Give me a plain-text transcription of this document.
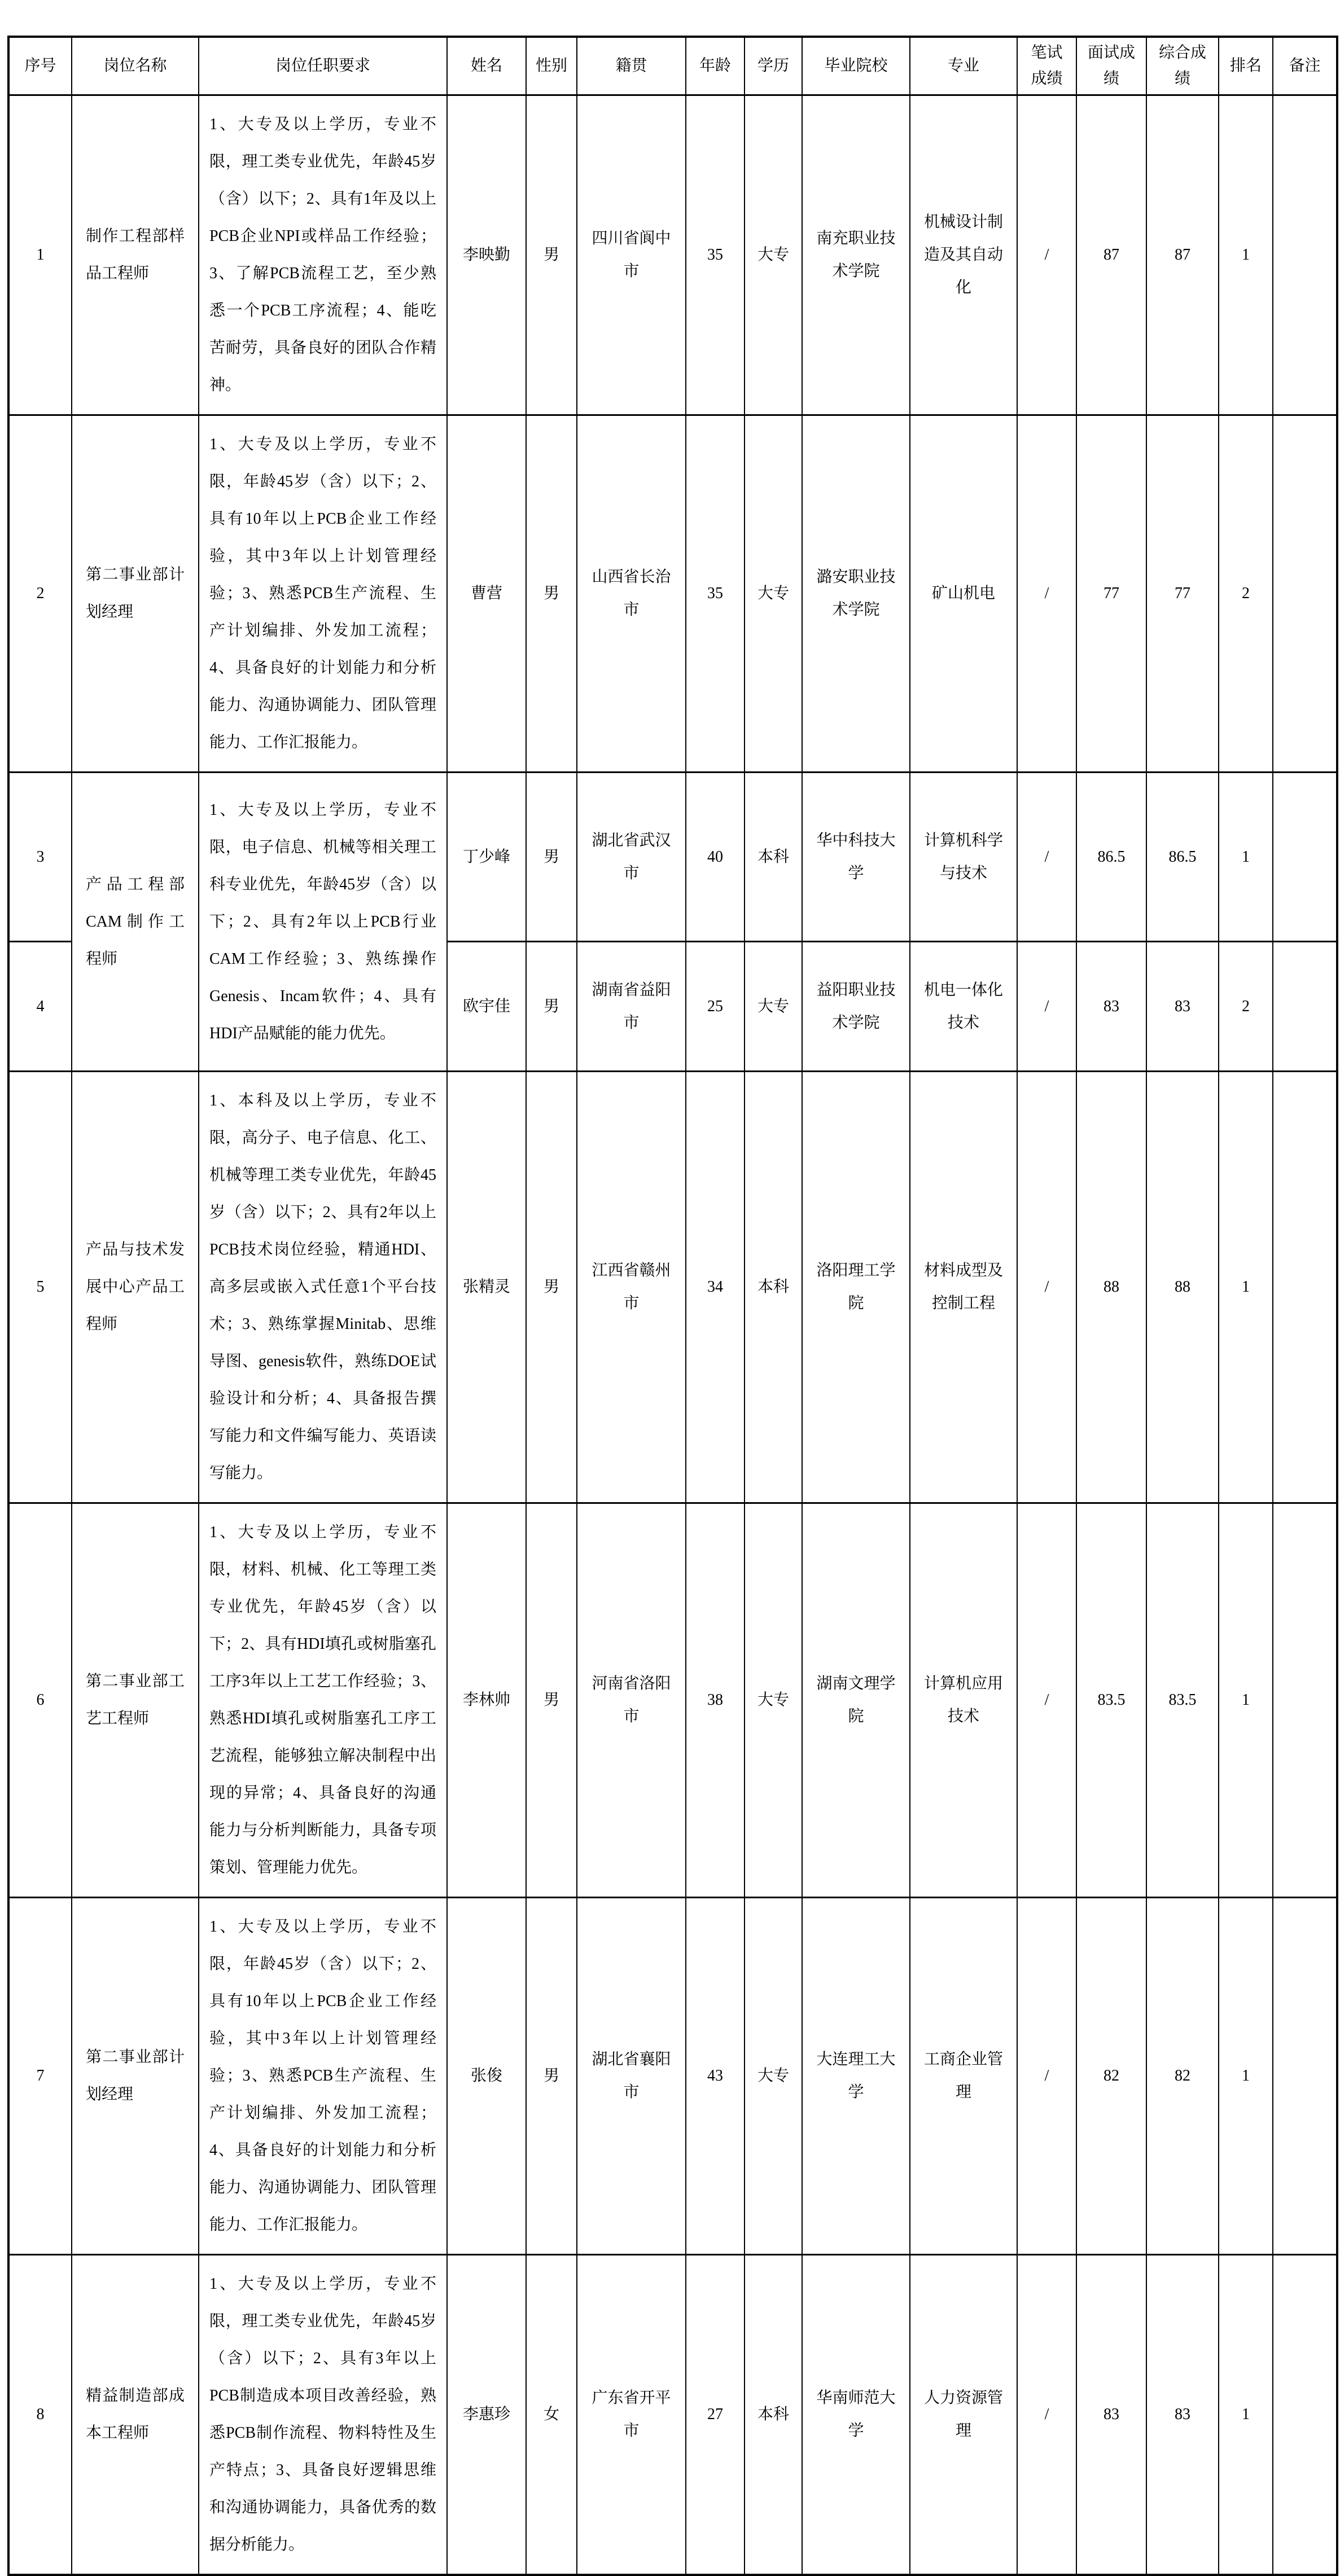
序号	岗位名称	岗位任职要求	姓名	性别	籍贯	年龄	学历	毕业院校	专业	笔试成绩	面试成绩	综合成绩	排名	备注
1	制作工程部样品工程师	1、大专及以上学历，专业不限，理工类专业优先，年龄45岁（含）以下；2、具有1年及以上PCB企业NPI或样品工作经验；3、了解PCB流程工艺，至少熟悉一个PCB工序流程；4、能吃苦耐劳，具备良好的团队合作精神。	李映勤	男	四川省阆中市	35	大专	南充职业技术学院	机械设计制造及其自动化	/	87	87	1	
2	第二事业部计划经理	1、大专及以上学历，专业不限，年龄45岁（含）以下；2、具有10年以上PCB企业工作经验，其中3年以上计划管理经验；3、熟悉PCB生产流程、生产计划编排、外发加工流程；4、具备良好的计划能力和分析能力、沟通协调能力、团队管理能力、工作汇报能力。	曹营	男	山西省长治市	35	大专	潞安职业技术学院	矿山机电	/	77	77	2	
3	产品工程部CAM制作工程师	1、大专及以上学历，专业不限，电子信息、机械等相关理工科专业优先，年龄45岁（含）以下；2、具有2年以上PCB行业CAM工作经验；3、熟练操作Genesis、Incam软件；4、具有HDI产品赋能的能力优先。	丁少峰	男	湖北省武汉市	40	本科	华中科技大学	计算机科学与技术	/	86.5	86.5	1	
4			欧宇佳	男	湖南省益阳市	25	大专	益阳职业技术学院	机电一体化技术	/	83	83	2	
5	产品与技术发展中心产品工程师	1、本科及以上学历，专业不限，高分子、电子信息、化工、机械等理工类专业优先，年龄45岁（含）以下；2、具有2年以上PCB技术岗位经验，精通HDI、高多层或嵌入式任意1个平台技术；3、熟练掌握Minitab、思维导图、genesis软件，熟练DOE试验设计和分析；4、具备报告撰写能力和文件编写能力、英语读写能力。	张精灵	男	江西省赣州市	34	本科	洛阳理工学院	材料成型及控制工程	/	88	88	1	
6	第二事业部工艺工程师	1、大专及以上学历，专业不限，材料、机械、化工等理工类专业优先，年龄45岁（含）以下；2、具有HDI填孔或树脂塞孔工序3年以上工艺工作经验；3、熟悉HDI填孔或树脂塞孔工序工艺流程，能够独立解决制程中出现的异常；4、具备良好的沟通能力与分析判断能力，具备专项策划、管理能力优先。	李林帅	男	河南省洛阳市	38	大专	湖南文理学院	计算机应用技术	/	83.5	83.5	1	
7	第二事业部计划经理	1、大专及以上学历，专业不限，年龄45岁（含）以下；2、具有10年以上PCB企业工作经验，其中3年以上计划管理经验；3、熟悉PCB生产流程、生产计划编排、外发加工流程；4、具备良好的计划能力和分析能力、沟通协调能力、团队管理能力、工作汇报能力。	张俊	男	湖北省襄阳市	43	大专	大连理工大学	工商企业管理	/	82	82	1	
8	精益制造部成本工程师	1、大专及以上学历，专业不限，理工类专业优先，年龄45岁（含）以下；2、具有3年以上PCB制造成本项目改善经验，熟悉PCB制作流程、物料特性及生产特点；3、具备良好逻辑思维和沟通协调能力，具备优秀的数据分析能力。	李惠珍	女	广东省开平市	27	本科	华南师范大学	人力资源管理	/	83	83	1	
